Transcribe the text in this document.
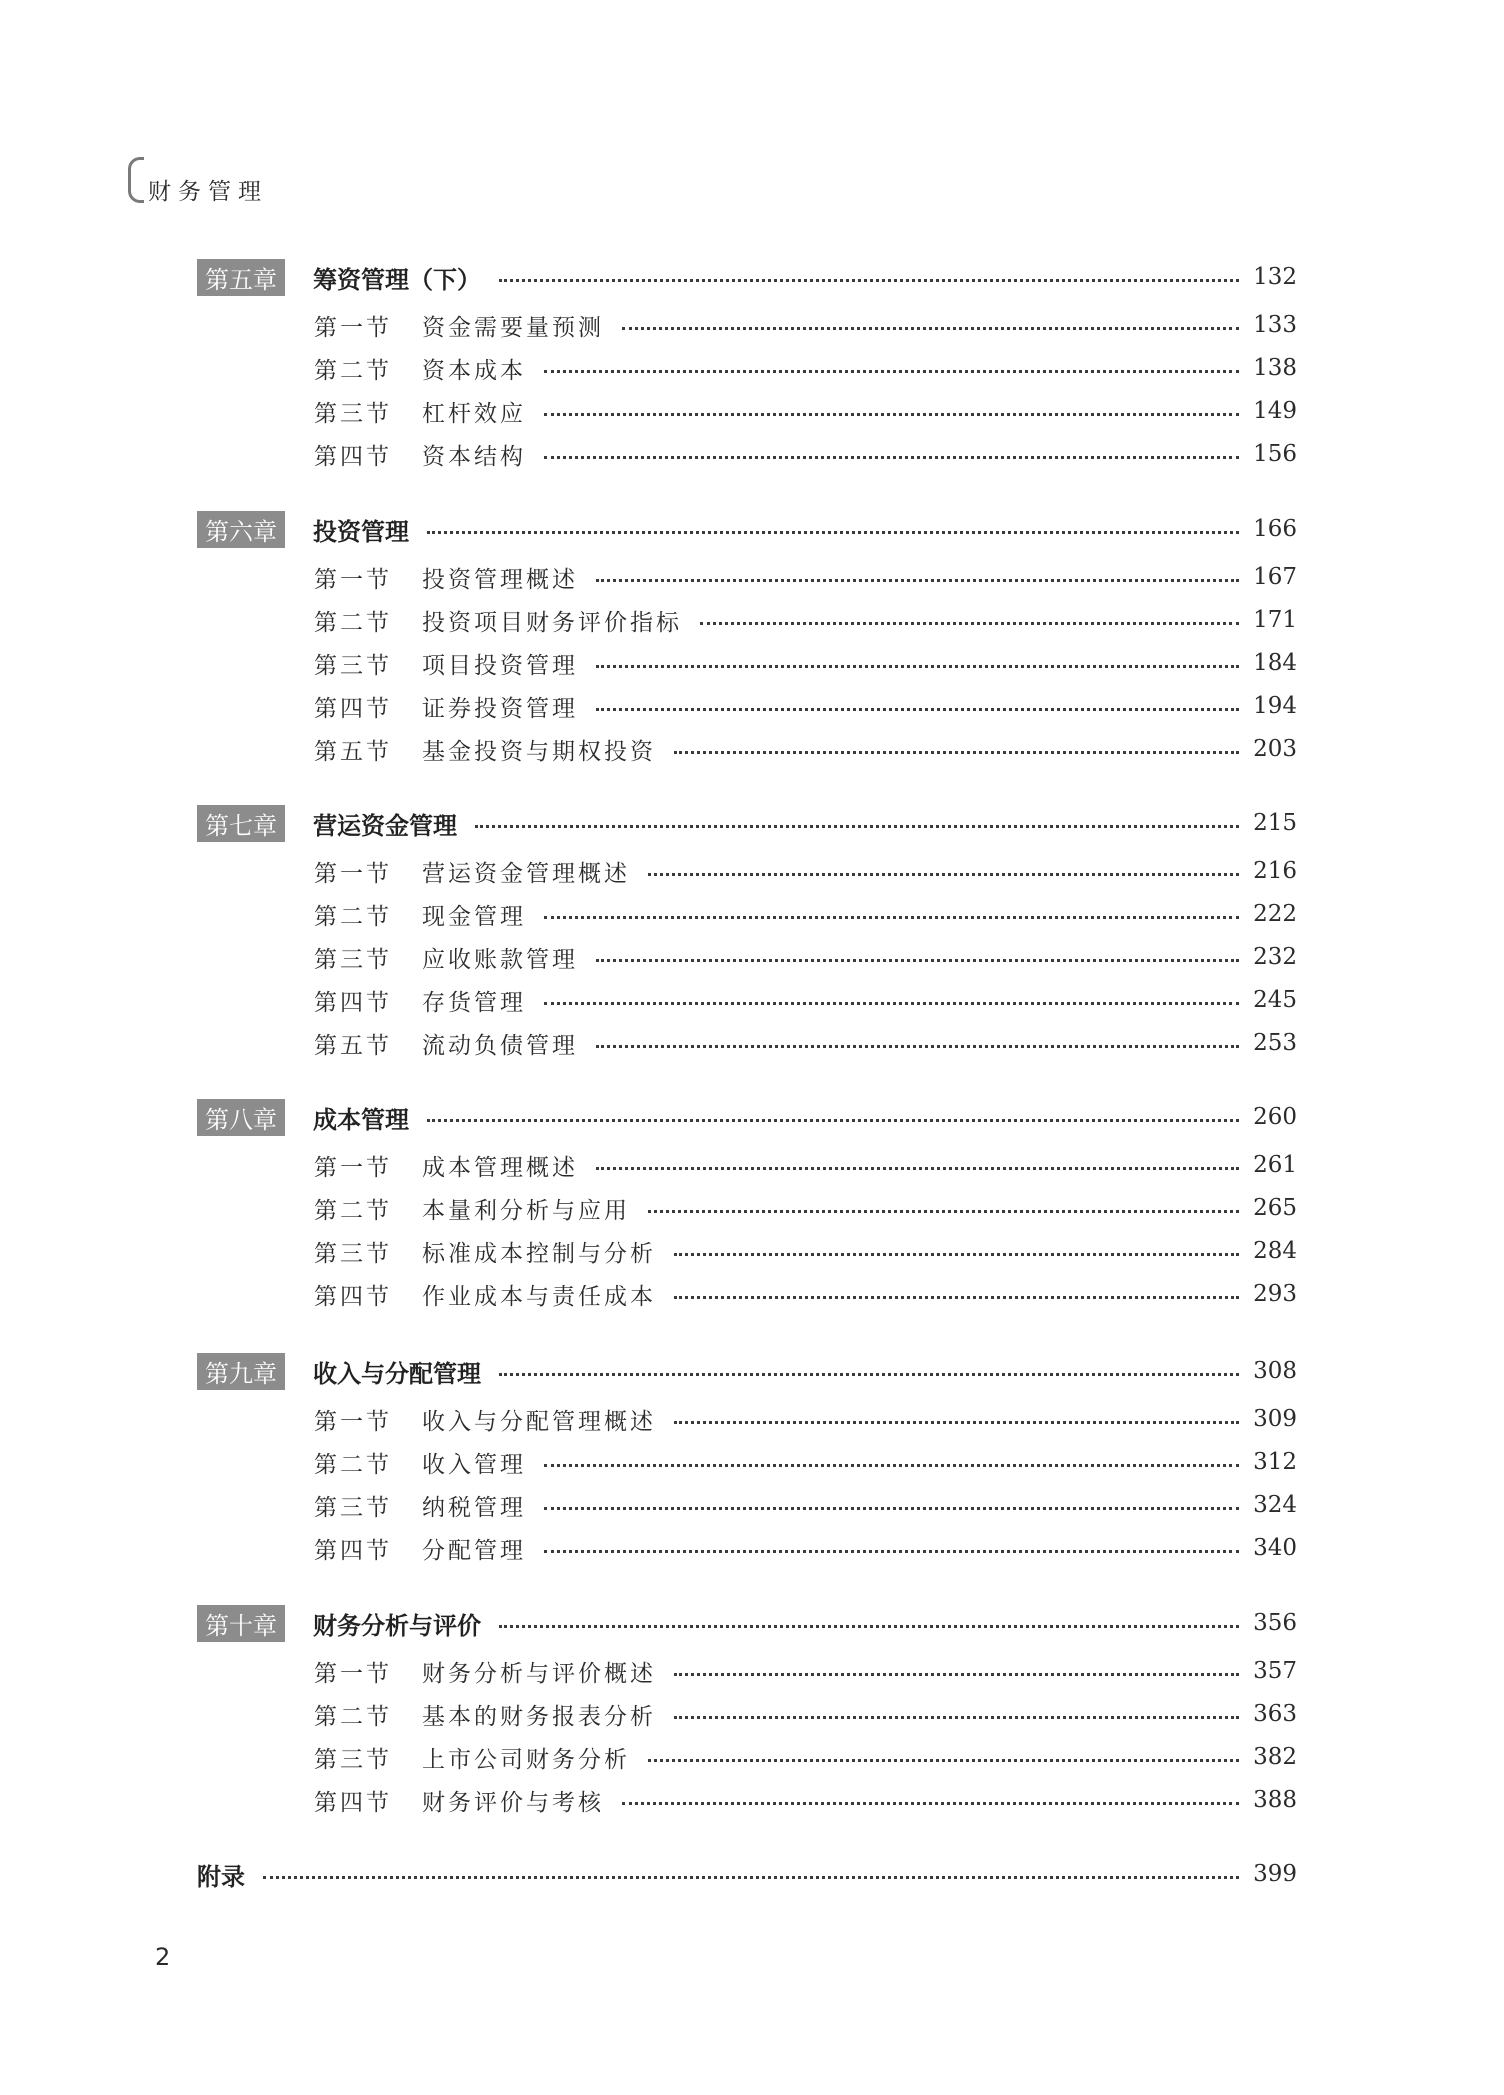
财务管理
第五章	筹资管理（下）	132
第一节	资金需要量预测	133
第二节	资本成本	138
第三节	杠杆效应	149
第四节	资本结构	156
第六章	投资管理	166
第一节	投资管理概述	167
第二节	投资项目财务评价指标	171
第三节	项目投资管理	184
第四节	证券投资管理	194
第五节	基金投资与期权投资	203
第七章	营运资金管理	215
第一节	营运资金管理概述	216
第二节	现金管理	222
第三节	应收账款管理	232
第四节	存货管理	245
第五节	流动负债管理	253
第八章	成本管理	260
第一节	成本管理概述	261
第二节	本量利分析与应用	265
第三节	标准成本控制与分析	284
第四节	作业成本与责任成本	293
第九章	收入与分配管理	308
第一节	收入与分配管理概述	309
第二节	收入管理	312
第三节	纳税管理	324
第四节	分配管理	340
第十章	财务分析与评价	356
第一节	财务分析与评价概述	357
第二节	基本的财务报表分析	363
第三节	上市公司财务分析	382
第四节	财务评价与考核	388
附录	399
2
